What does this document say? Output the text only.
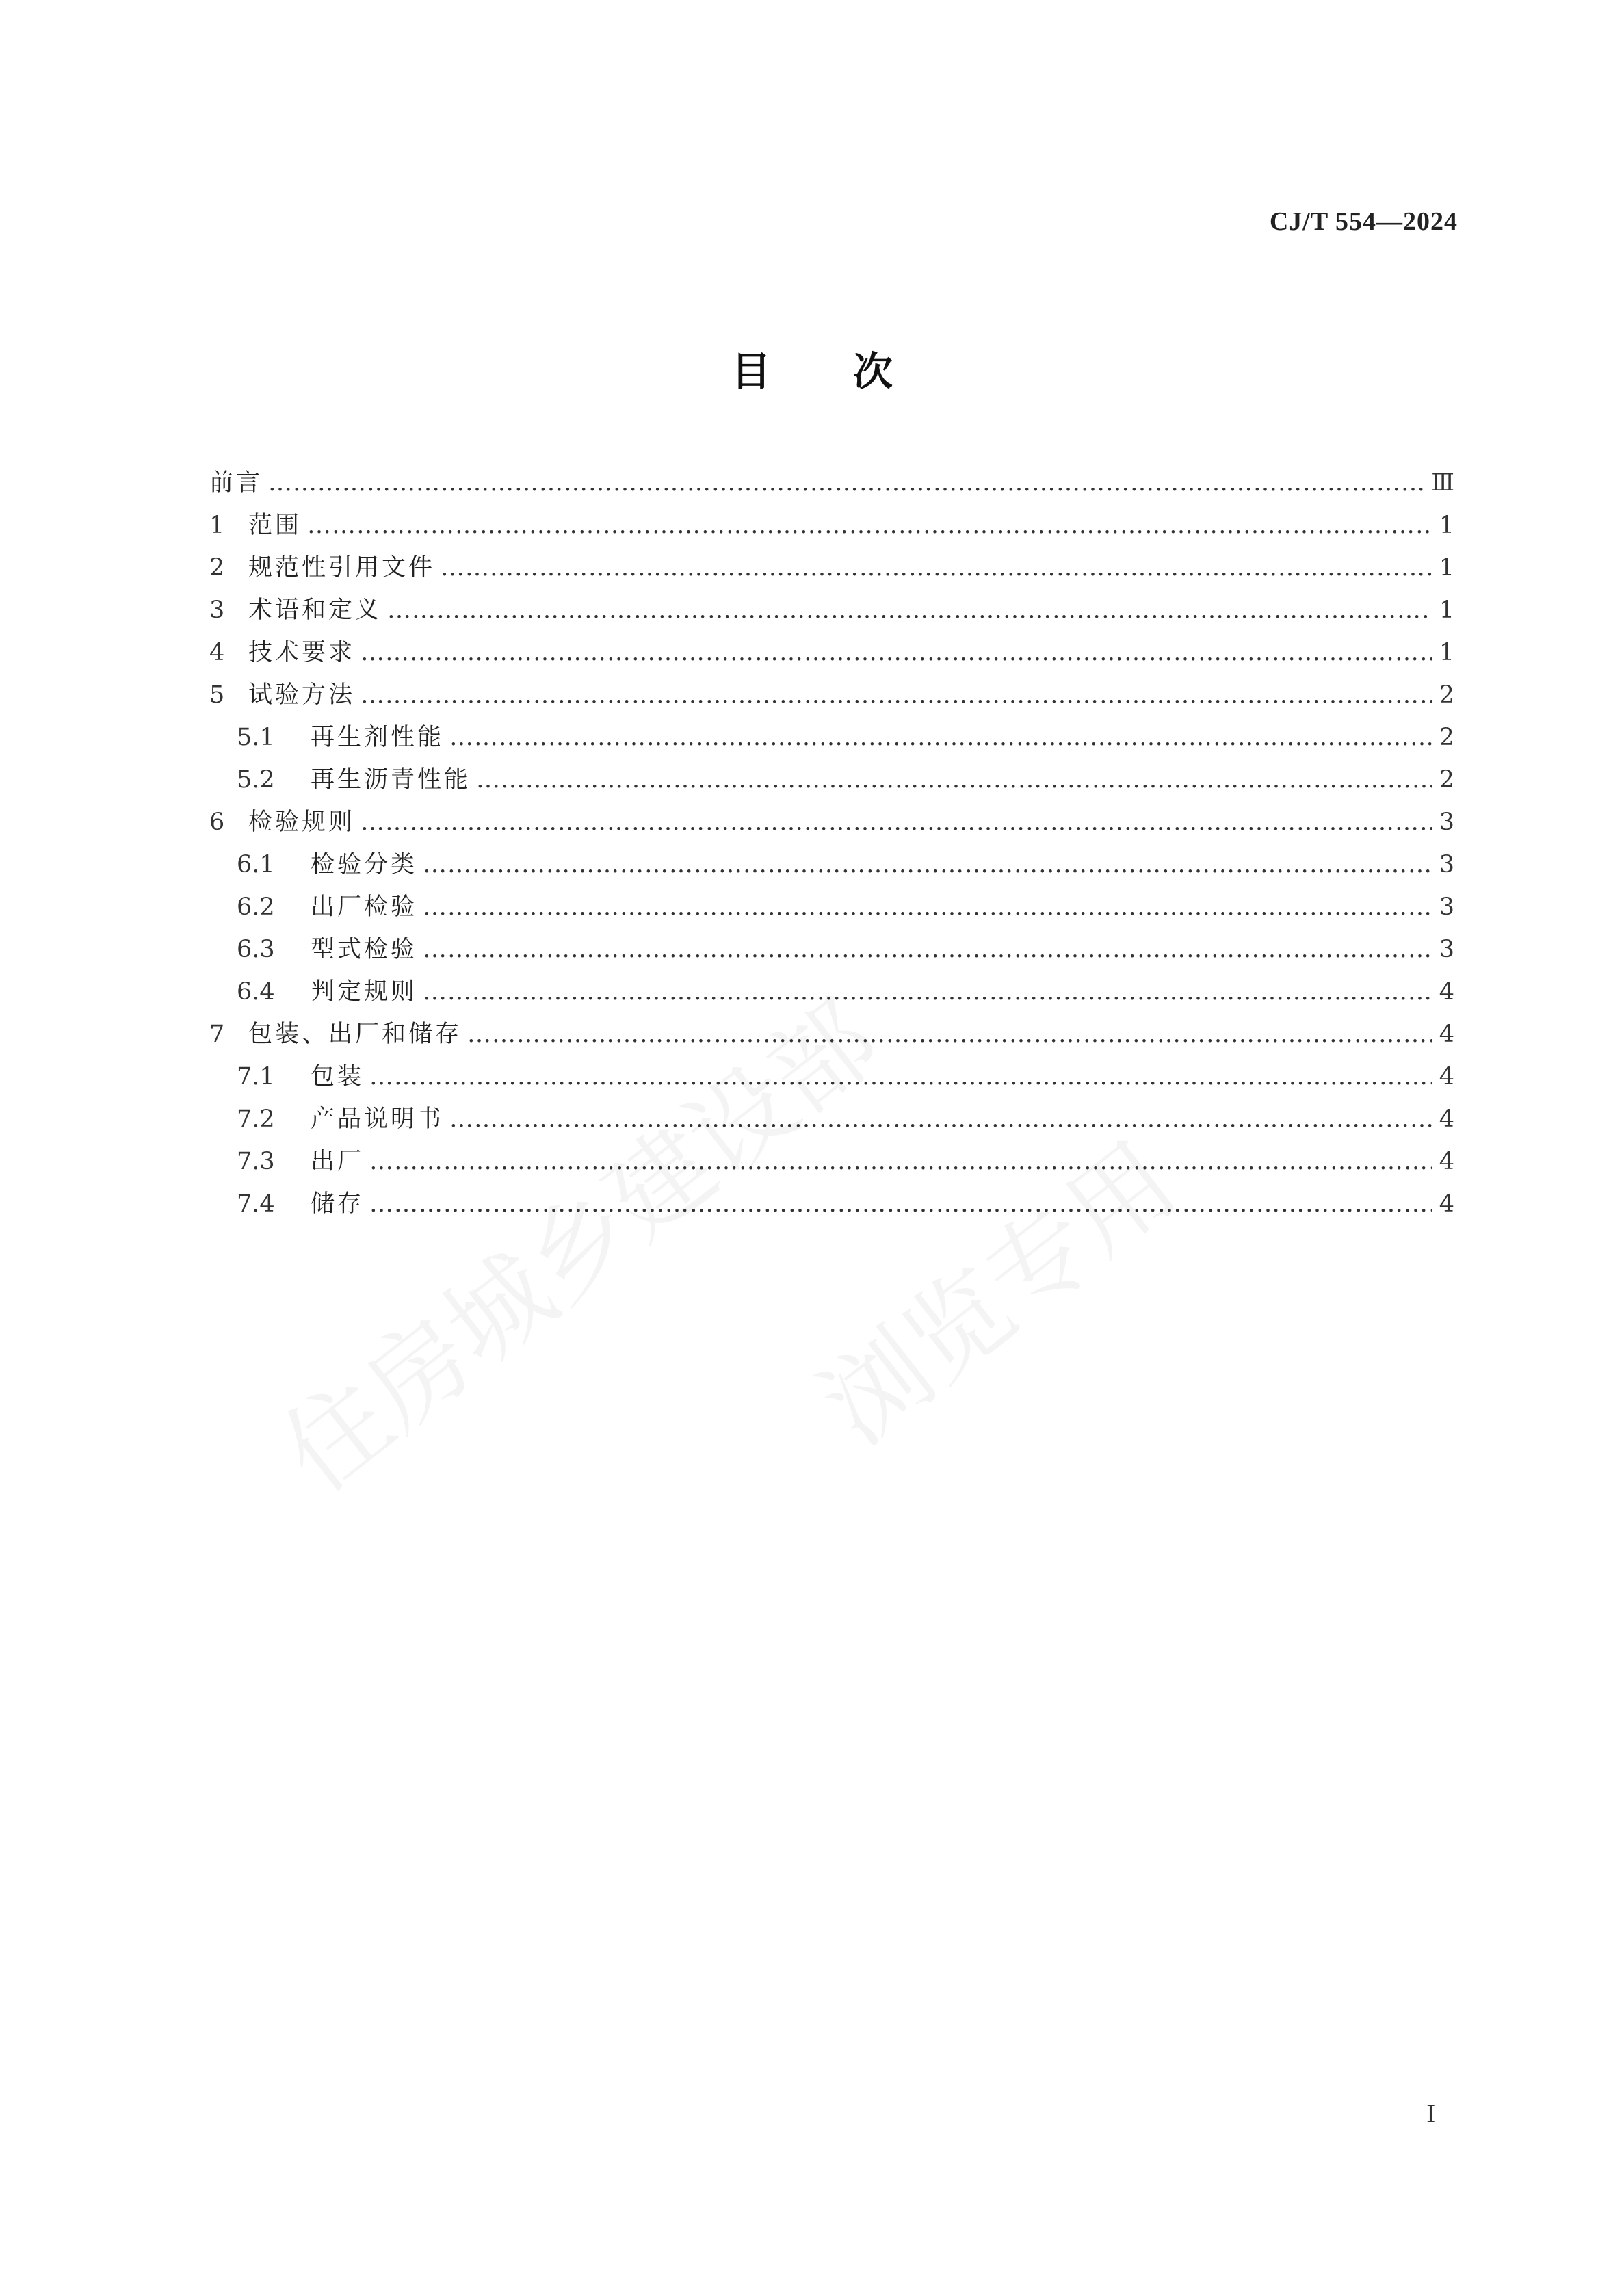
CJ/T 554—2024
目次
前言 …………………………………………………………………………………………………………………………………………………………………………………………………………	Ⅲ
1 范围 …………………………………………………………………………………………………………………………………………………………………………………………………………	1
2 规范性引用文件 …………………………………………………………………………………………………………………………………………………………………………………………………………	1
3 术语和定义 …………………………………………………………………………………………………………………………………………………………………………………………………………	1
4 技术要求 …………………………………………………………………………………………………………………………………………………………………………………………………………	1
5 试验方法 …………………………………………………………………………………………………………………………………………………………………………………………………………	2
5.1	再生剂性能 …………………………………………………………………………………………………………………………………………………………………………………………………………	2
5.2	再生沥青性能 …………………………………………………………………………………………………………………………………………………………………………………………………………	2
6 检验规则 …………………………………………………………………………………………………………………………………………………………………………………………………………	3
6.1	检验分类 …………………………………………………………………………………………………………………………………………………………………………………………………………	3
6.2	出厂检验 …………………………………………………………………………………………………………………………………………………………………………………………………………	3
6.3	型式检验 …………………………………………………………………………………………………………………………………………………………………………………………………………	3
6.4	判定规则 …………………………………………………………………………………………………………………………………………………………………………………………………………	4
7 包装、出厂和储存 …………………………………………………………………………………………………………………………………………………………………………………………………………	4
7.1	包装 …………………………………………………………………………………………………………………………………………………………………………………………………………	4
7.2	产品说明书 …………………………………………………………………………………………………………………………………………………………………………………………………………	4
7.3	出厂 …………………………………………………………………………………………………………………………………………………………………………………………………………	4
7.4	储存 …………………………………………………………………………………………………………………………………………………………………………………………………………	4
I
